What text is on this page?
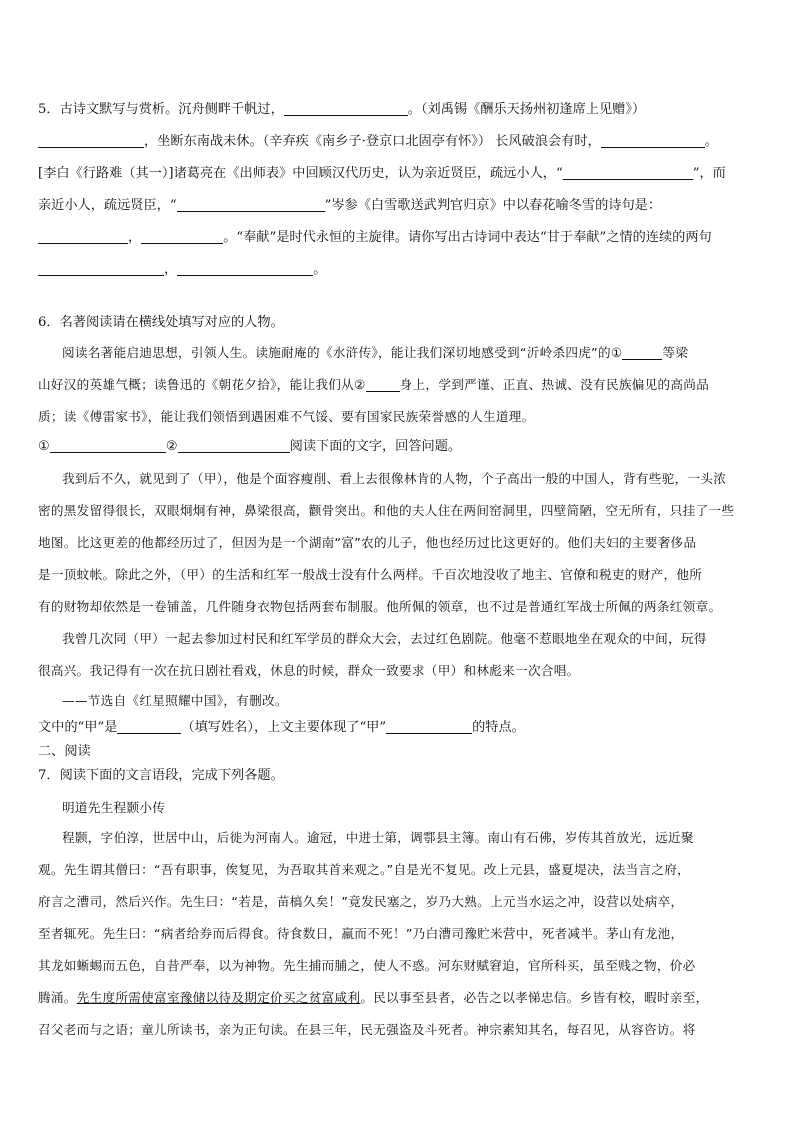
5．古诗文默写与赏析。沉舟侧畔千帆过，	。（刘禹锡《酬乐天扬州初逢席上见赠》）
，坐断东南战未休。（辛弃疾《南乡子·登京口北固亭有怀》） 长风破浪会有时，	。
[李白《行路难（其一）]诸葛亮在《出师表》中回顾汉代历史，认为亲近贤臣，疏远小人，“	”，而
亲近小人，疏远贤臣，“	”岑参《白雪歌送武判官归京》中以春花喻冬雪的诗句是：
，	。“奉献”是时代永恒的主旋律。请你写出古诗词中表达“甘于奉献”之情的连续的两句
，	。
6．名著阅读请在横线处填写对应的人物。
阅读名著能启迪思想，引领人生。读施耐庵的《水浒传》，能让我们深切地感受到“沂岭杀四虎”的①	等梁
山好汉的英雄气概；读鲁迅的《朝花夕拾》，能让我们从②	身上，学到严谨、正直、热诚、没有民族偏见的高尚品
质；读《傅雷家书》，能让我们领悟到遇困难不气馁、要有国家民族荣誉感的人生道理。
①	②	阅读下面的文字，回答问题。
我到后不久，就见到了（甲），他是个面容瘦削、看上去很像林肯的人物，个子高出一般的中国人，背有些驼，一头浓
密的黑发留得很长，双眼炯炯有神，鼻梁很高，颧骨突出。和他的夫人住在两间窑洞里，四壁简陋，空无所有，只挂了一些
地图。比这更差的他都经历过了，但因为是一个湖南“富”农的儿子，他也经历过比这更好的。他们夫妇的主要奢侈品
是一顶蚊帐。除此之外，（甲）的生活和红军一般战士没有什么两样。千百次地没收了地主、官僚和税吏的财产，他所
有的财物却依然是一卷铺盖，几件随身衣物包括两套布制服。他所佩的领章，也不过是普通红军战士所佩的两条红领章。
我曾几次同（甲）一起去参加过村民和红军学员的群众大会，去过红色剧院。他毫不惹眼地坐在观众的中间，玩得
很高兴。我记得有一次在抗日剧社看戏，休息的时候，群众一致要求（甲）和林彪来一次合唱。
——节选自《红星照耀中国》，有删改。
文中的“甲”是	（填写姓名），上文主要体现了“甲”	的特点。
二、阅读
7．阅读下面的文言语段，完成下列各题。
明道先生程颢小传
程颢，字伯淳，世居中山，后徙为河南人。逾冠，中进士第，调鄠县主簿。南山有石佛，岁传其首放光，远近聚
观。先生谓其僧曰：“吾有职事，俟复见，为吾取其首来观之。”自是光不复见。改上元县，盛夏堤决，法当言之府，
府言之漕司，然后兴作。先生曰：“若是，苗槁久矣！”竟发民塞之，岁乃大熟。上元当水运之冲，设营以处病卒，
至者辄死。先生曰：“病者给券而后得食。待食数日，羸而不死！”乃白漕司豫贮米营中，死者减半。茅山有龙池，
其龙如蜥蜴而五色，自昔严奉，以为神物。先生捕而脯之，使人不惑。河东财赋窘迫，官所科买，虽至贱之物，价必
腾涌。先生度所需使富室豫储以待及期定价买之贫富咸利。民以事至县者，必告之以孝悌忠信。乡皆有校，暇时亲至，
召父老而与之语；童儿所读书，亲为正句读。在县三年，民无强盗及斗死者。神宗素知其名，每召见，从容咨访。将
